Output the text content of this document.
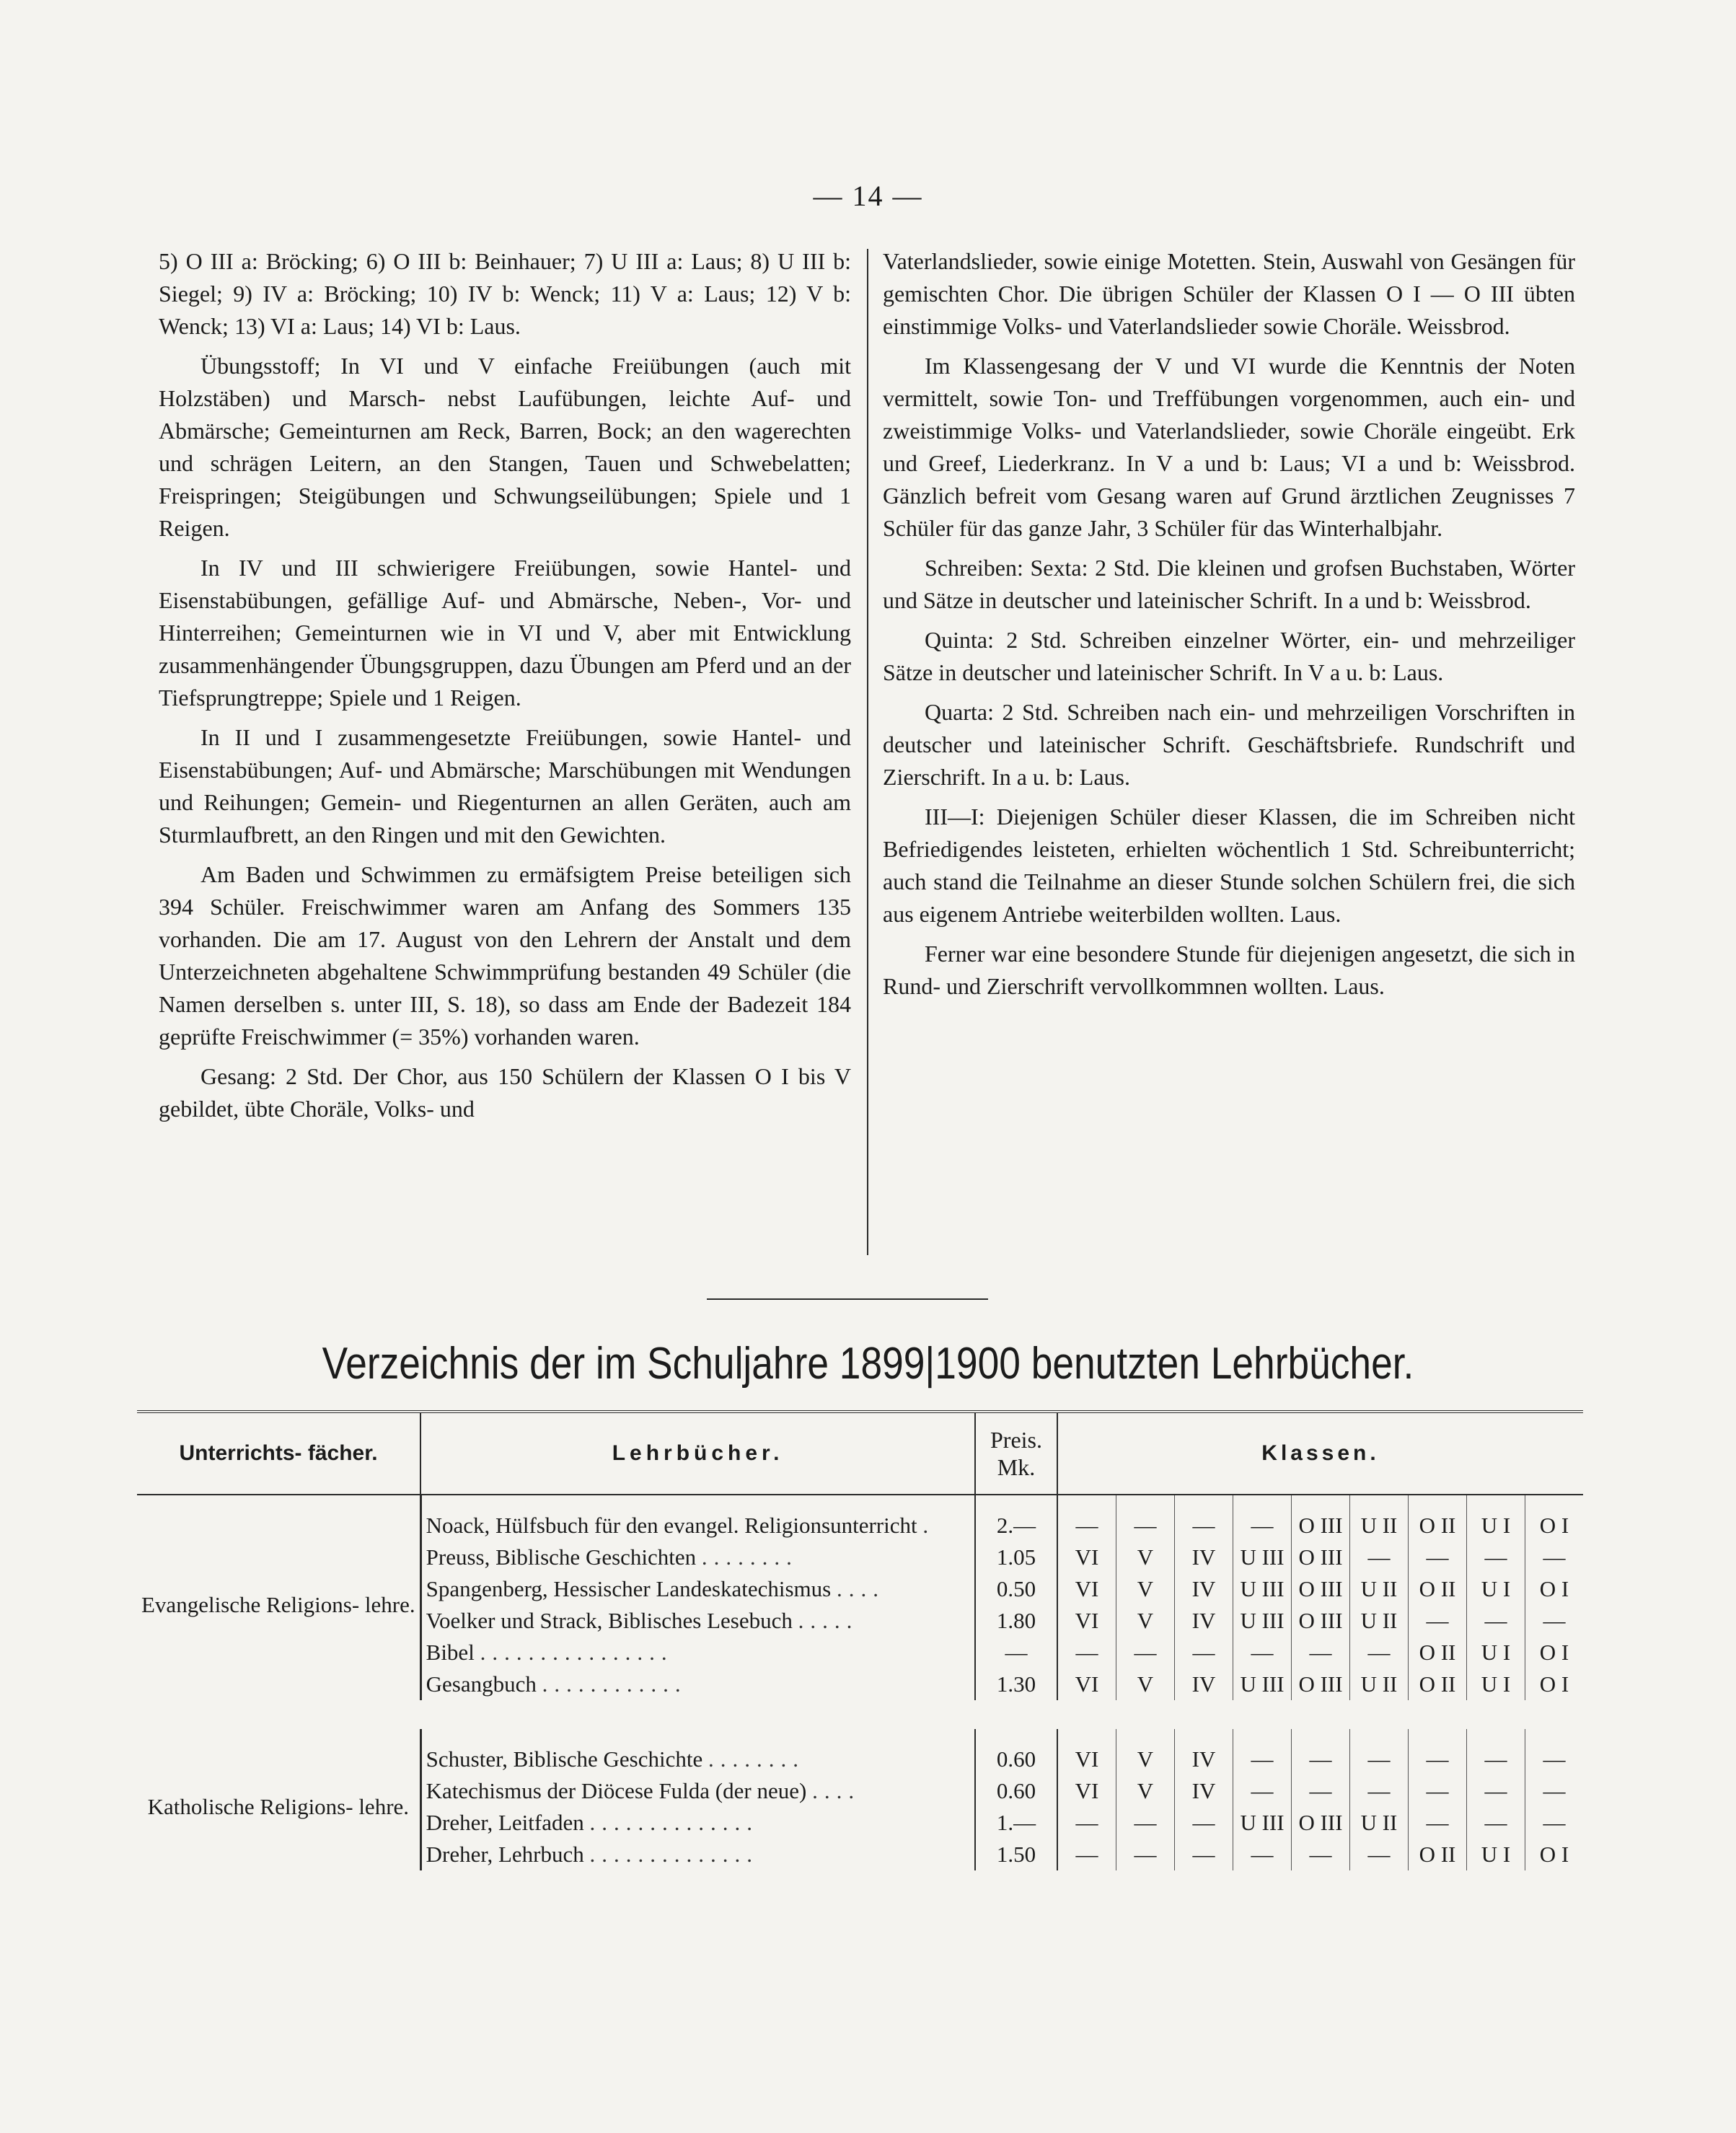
— 14 —

5) O III a: Bröcking; 6) O III b: Beinhauer; 7) U III a: Laus; 8) U III b: Siegel; 9) IV a: Bröcking; 10) IV b: Wenck; 11) V a: Laus; 12) V b: Wenck; 13) VI a: Laus; 14) VI b: Laus.

Übungsstoff; In VI und V einfache Freiübungen (auch mit Holzstäben) und Marsch- nebst Laufübungen, leichte Auf- und Abmärsche; Gemeinturnen am Reck, Barren, Bock; an den wagerechten und schrägen Leitern, an den Stangen, Tauen und Schwebelatten; Freispringen; Steigübungen und Schwungseilübungen; Spiele und 1 Reigen.

In IV und III schwierigere Freiübungen, sowie Hantel- und Eisenstabübungen, gefällige Auf- und Abmärsche, Neben-, Vor- und Hinterreihen; Gemeinturnen wie in VI und V, aber mit Entwicklung zusammenhängender Übungsgruppen, dazu Übungen am Pferd und an der Tiefsprungtreppe; Spiele und 1 Reigen.

In II und I zusammengesetzte Freiübungen, sowie Hantel- und Eisenstabübungen; Auf- und Abmärsche; Marschübungen mit Wendungen und Reihungen; Gemein- und Riegenturnen an allen Geräten, auch am Sturmlaufbrett, an den Ringen und mit den Gewichten.

Am Baden und Schwimmen zu ermäfsigtem Preise beteiligen sich 394 Schüler. Freischwimmer waren am Anfang des Sommers 135 vorhanden. Die am 17. August von den Lehrern der Anstalt und dem Unterzeichneten abgehaltene Schwimmprüfung bestanden 49 Schüler (die Namen derselben s. unter III, S. 18), so dass am Ende der Badezeit 184 geprüfte Freischwimmer (= 35%) vorhanden waren.

Gesang: 2 Std. Der Chor, aus 150 Schülern der Klassen O I bis V gebildet, übte Choräle, Volks- und

Vaterlandslieder, sowie einige Motetten. Stein, Auswahl von Gesängen für gemischten Chor. Die übrigen Schüler der Klassen O I — O III übten einstimmige Volks- und Vaterlandslieder sowie Choräle. Weissbrod.

Im Klassengesang der V und VI wurde die Kenntnis der Noten vermittelt, sowie Ton- und Treffübungen vorgenommen, auch ein- und zweistimmige Volks- und Vaterlandslieder, sowie Choräle eingeübt. Erk und Greef, Liederkranz. In V a und b: Laus; VI a und b: Weissbrod. Gänzlich befreit vom Gesang waren auf Grund ärztlichen Zeugnisses 7 Schüler für das ganze Jahr, 3 Schüler für das Winterhalbjahr.

Schreiben: Sexta: 2 Std. Die kleinen und grofsen Buchstaben, Wörter und Sätze in deutscher und lateinischer Schrift. In a und b: Weissbrod.

Quinta: 2 Std. Schreiben einzelner Wörter, ein- und mehrzeiliger Sätze in deutscher und lateinischer Schrift. In V a u. b: Laus.

Quarta: 2 Std. Schreiben nach ein- und mehrzeiligen Vorschriften in deutscher und lateinischer Schrift. Geschäftsbriefe. Rundschrift und Zierschrift. In a u. b: Laus.

III—I: Diejenigen Schüler dieser Klassen, die im Schreiben nicht Befriedigendes leisteten, erhielten wöchentlich 1 Std. Schreibunterricht; auch stand die Teilnahme an dieser Stunde solchen Schülern frei, die sich aus eigenem Antriebe weiterbilden wollten. Laus.

Ferner war eine besondere Stunde für diejenigen angesetzt, die sich in Rund- und Zierschrift vervollkommnen wollten. Laus.

Verzeichnis der im Schuljahre 1899|1900 benutzten Lehrbücher.
Unterrichts- fächer.	Lehrbücher.	Preis. Mk.	Klassen.								
Evangelische Religions- lehre.	Noack, Hülfsbuch für den evangel. Religionsunterricht .	2.—	—	—	—	—	O III	U II	O II	U I	O I
	Preuss, Biblische Geschichten ........	1.05	VI	V	IV	U III	O III	—	—	—	—
	Spangenberg, Hessischer Landeskatechismus ....	0.50	VI	V	IV	U III	O III	U II	O II	U I	O I
	Voelker und Strack, Biblisches Lesebuch .....	1.80	VI	V	IV	U III	O III	U II	—	—	—
	Bibel ................	—	—	—	—	—	—	—	O II	U I	O I
	Gesangbuch ............	1.30	VI	V	IV	U III	O III	U II	O II	U I	O I

Katholische Religions- lehre.	Schuster, Biblische Geschichte ........	0.60	VI	V	IV	—	—	—	—	—	—
	Katechismus der Diöcese Fulda (der neue) ....	0.60	VI	V	IV	—	—	—	—	—	—
	Dreher, Leitfaden ..............	1.—	—	—	—	U III	O III	U II	—	—	—
	Dreher, Lehrbuch ..............	1.50	—	—	—	—	—	—	O II	U I	O I
